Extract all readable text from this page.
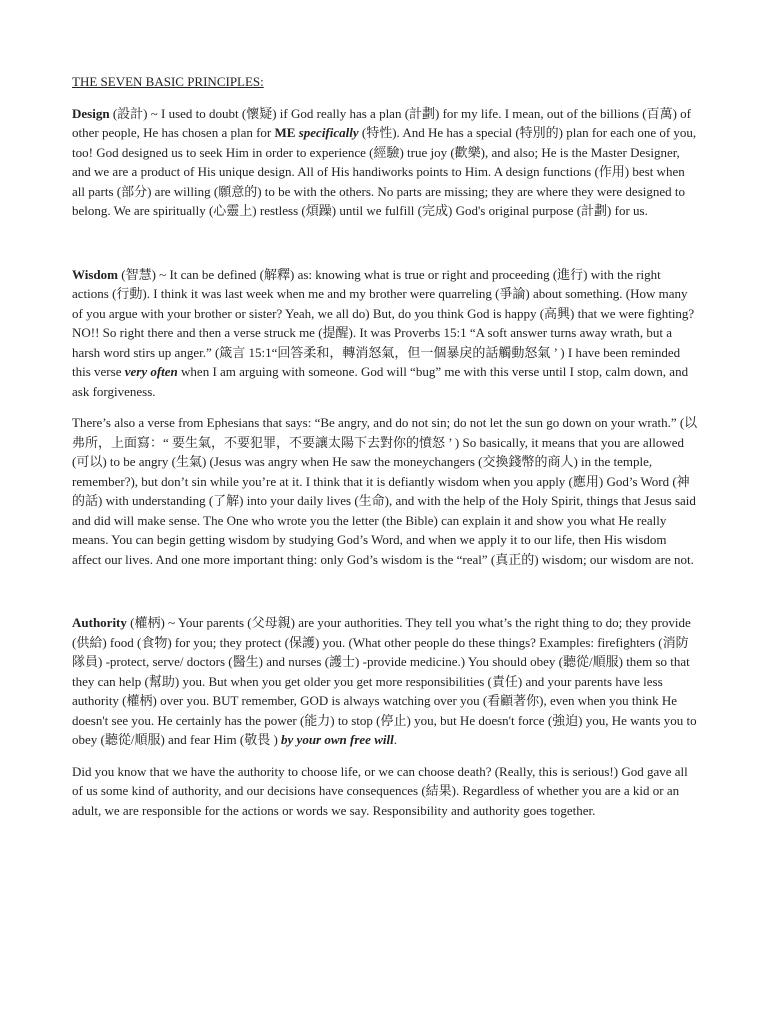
THE SEVEN BASIC PRINCIPLES:

Design (設計) ~ I used to doubt (懷疑) if God really has a plan (計劃) for my life. I mean, out of the billions (百萬) of other people, He has chosen a plan for ME specifically (特性). And He has a special (特別的) plan for each one of you, too! God designed us to seek Him in order to experience (經驗) true joy (歡樂), and also; He is the Master Designer, and we are a product of His unique design. All of His handiworks points to Him. A design functions (作用) best when all parts (部分) are willing (願意的) to be with the others. No parts are missing; they are where they were designed to belong. We are spiritually (心靈上) restless (煩躁) until we fulfill (完成) God's original purpose (計劃) for us.

Wisdom (智慧) ~ It can be defined (解釋) as: knowing what is true or right and proceeding (進行) with the right actions (行動). I think it was last week when me and my brother were quarreling (爭論) about something. (How many of you argue with your brother or sister? Yeah, we all do) But, do you think God is happy (高興) that we were fighting? NO!! So right there and then a verse struck me (提醒). It was Proverbs 15:1 “A soft answer turns away wrath, but a harsh word stirs up anger.” (箴言 15:1“回答柔和，轉消怒氣，但一個暴戾的話觸動怒氣 ’ ) I have been reminded this verse very often when I am arguing with someone. God will “bug” me with this verse until I stop, calm down, and ask forgiveness.

There’s also a verse from Ephesians that says: “Be angry, and do not sin; do not let the sun go down on your wrath.” (以弗所，上面寫：“ 要生氣，不要犯罪，不要讓太陽下去對你的憤怒 ’ ) So basically, it means that you are allowed (可以) to be angry (生氣) (Jesus was angry when He saw the moneychangers (交換錢幣的商人) in the temple, remember?), but don’t sin while you’re at it. I think that it is defiantly wisdom when you apply (應用) God’s Word (神的話) with understanding (了解) into your daily lives (生命), and with the help of the Holy Spirit, things that Jesus said and did will make sense. The One who wrote you the letter (the Bible) can explain it and show you what He really means. You can begin getting wisdom by studying God’s Word, and when we apply it to our life, then His wisdom affect our lives. And one more important thing: only God’s wisdom is the “real” (真正的) wisdom; our wisdom are not.

Authority (權柄) ~ Your parents (父母親) are your authorities. They tell you what’s the right thing to do; they provide (供給) food (食物) for you; they protect (保護) you. (What other people do these things? Examples: firefighters (消防隊員) -protect, serve/ doctors (醫生) and nurses (護士) -provide medicine.) You should obey (聽從/順服) them so that they can help (幫助) you. But when you get older you get more responsibilities (責任) and your parents have less authority (權柄) over you. BUT remember, GOD is always watching over you (看顧著你), even when you think He doesn't see you. He certainly has the power (能力) to stop (停止) you, but He doesn't force (強迫) you, He wants you to obey (聽從/順服) and fear Him (敬畏 ) by your own free will.

Did you know that we have the authority to choose life, or we can choose death? (Really, this is serious!) God gave all of us some kind of authority, and our decisions have consequences (結果). Regardless of whether you are a kid or an adult, we are responsible for the actions or words we say. Responsibility and authority goes together.
